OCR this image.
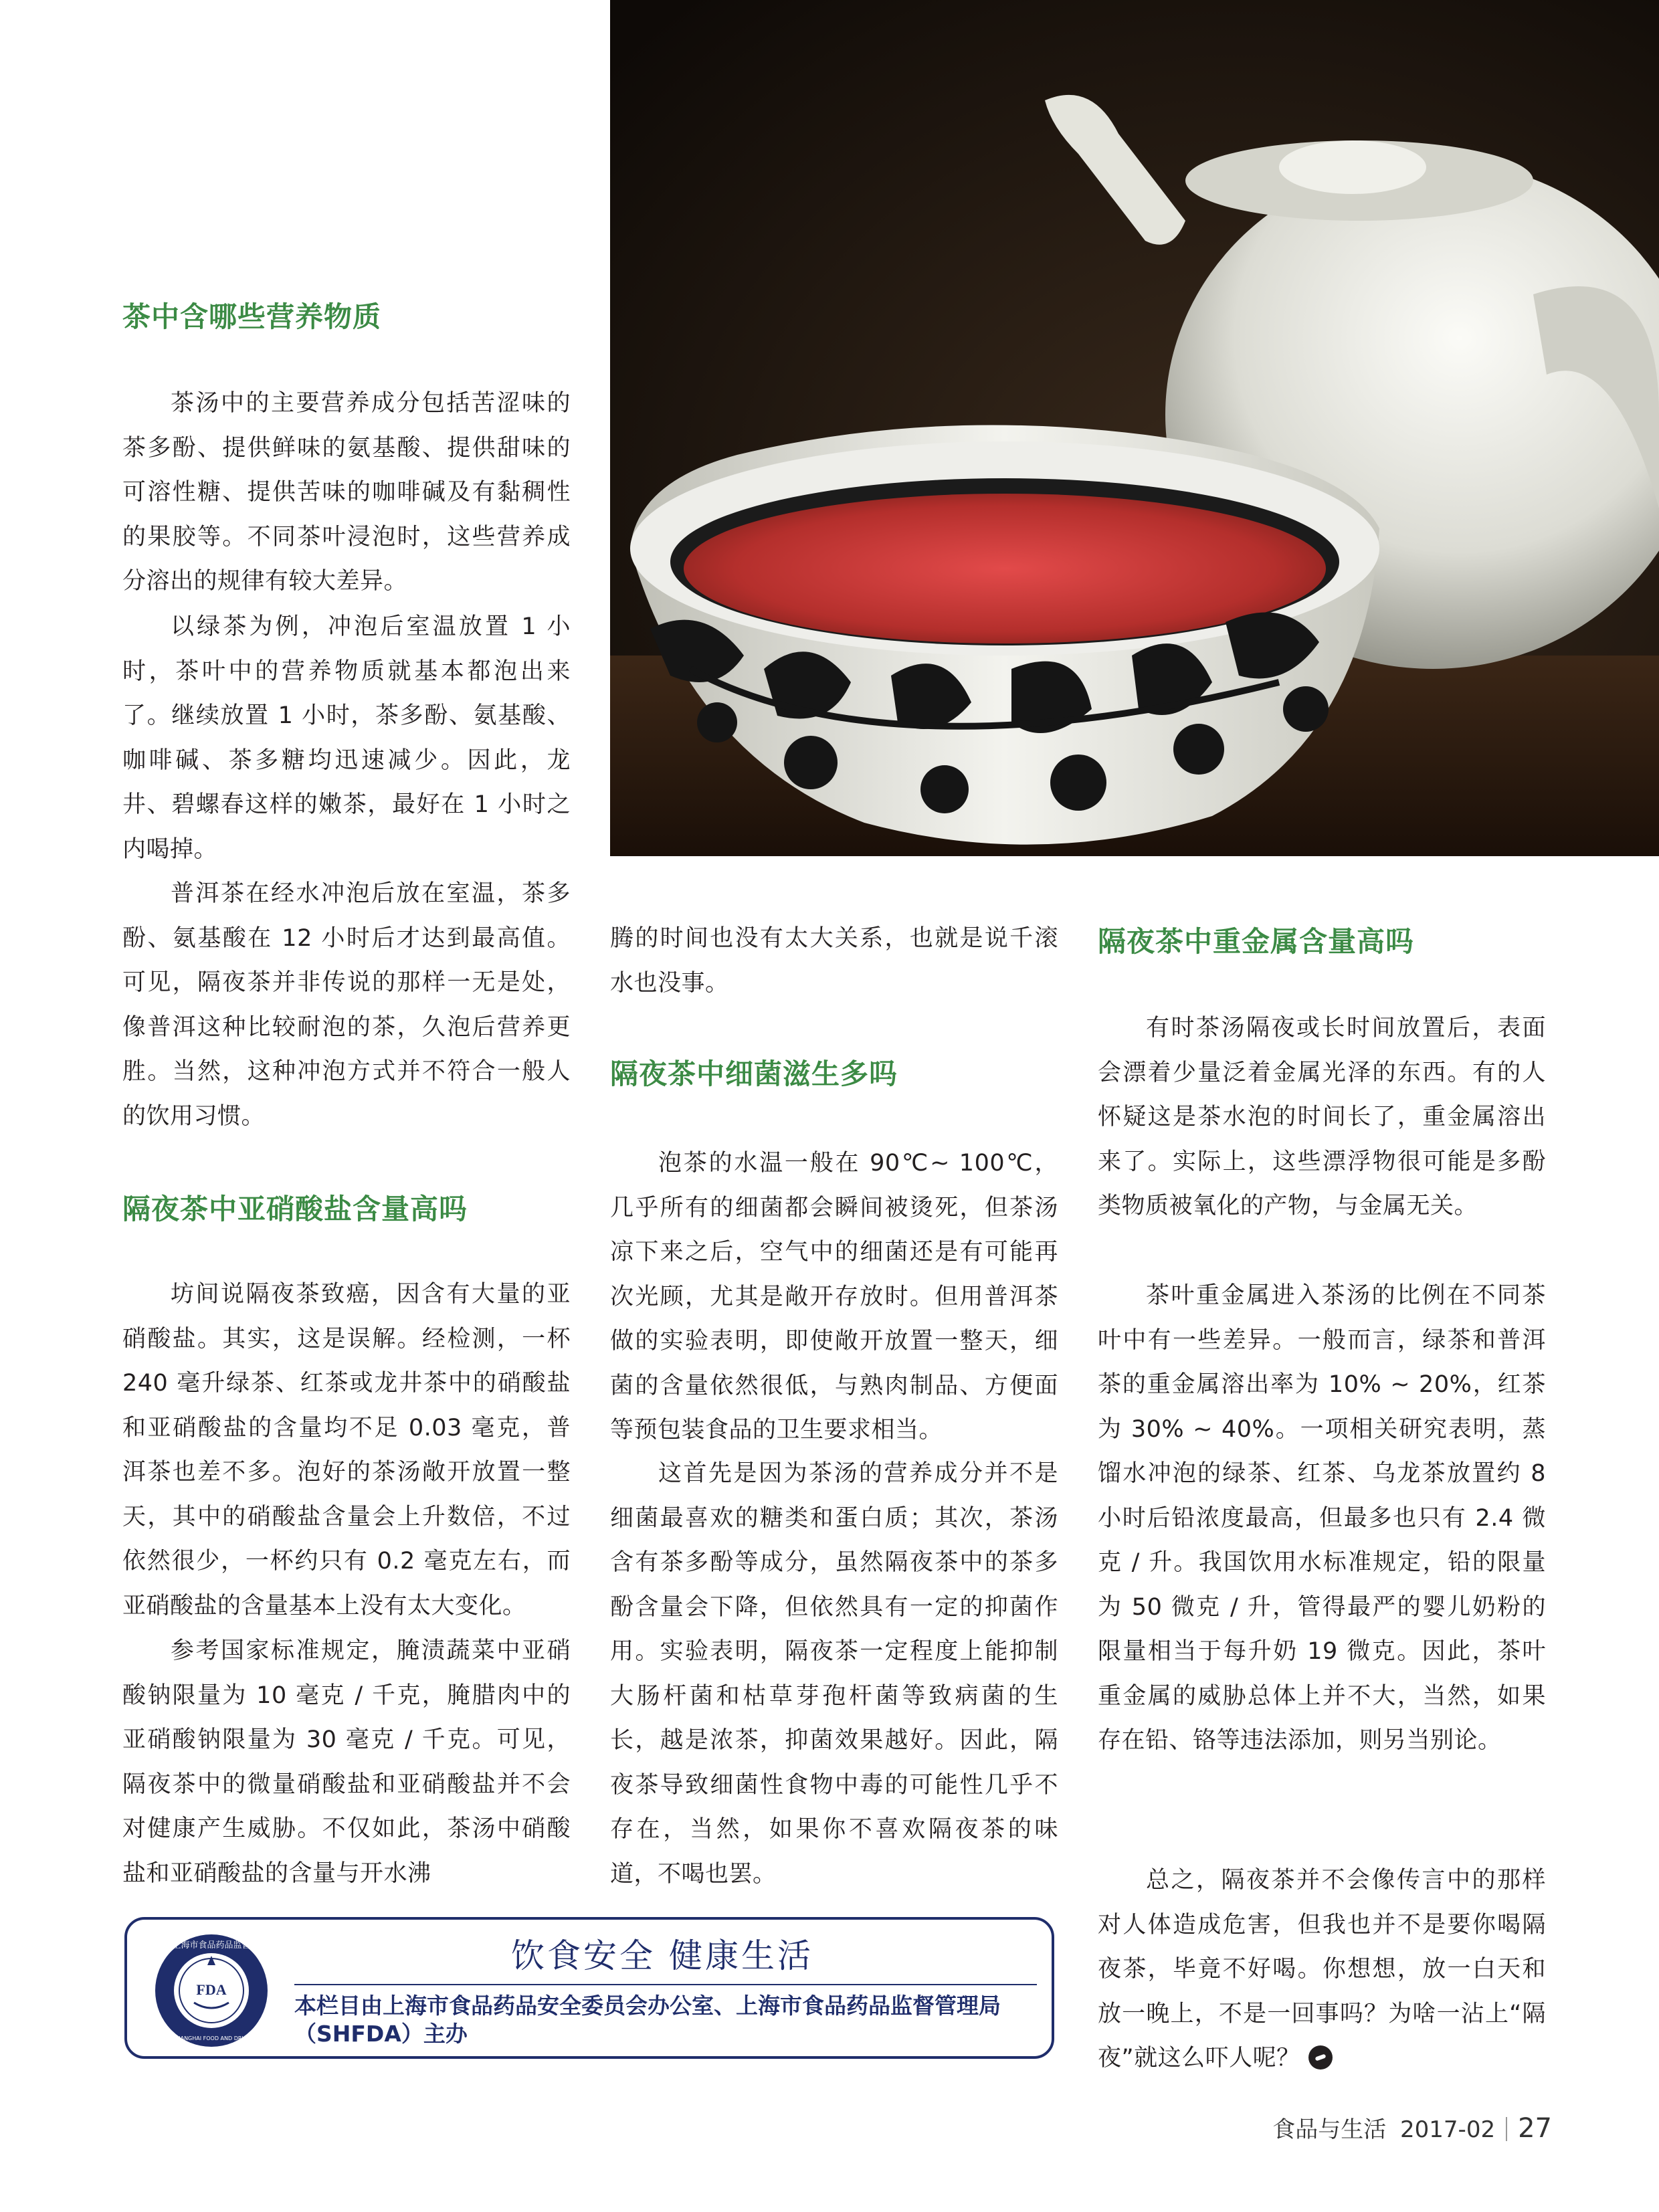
茶中含哪些营养物质
茶汤中的主要营养成分包括苦涩味的茶多酚、提供鲜味的氨基酸、提供甜味的可溶性糖、提供苦味的咖啡碱及有黏稠性的果胶等。不同茶叶浸泡时，这些营养成分溶出的规律有较大差异。
以绿茶为例，冲泡后室温放置 1 小时，茶叶中的营养物质就基本都泡出来了。继续放置 1 小时，茶多酚、氨基酸、咖啡碱、茶多糖均迅速减少。因此，龙井、碧螺春这样的嫩茶，最好在 1 小时之内喝掉。
普洱茶在经水冲泡后放在室温，茶多酚、氨基酸在 12 小时后才达到最高值。可见，隔夜茶并非传说的那样一无是处，像普洱这种比较耐泡的茶，久泡后营养更胜。当然，这种冲泡方式并不符合一般人的饮用习惯。
隔夜茶中亚硝酸盐含量高吗
坊间说隔夜茶致癌，因含有大量的亚硝酸盐。其实，这是误解。经检测，一杯 240 毫升绿茶、红茶或龙井茶中的硝酸盐和亚硝酸盐的含量均不足 0.03 毫克，普洱茶也差不多。泡好的茶汤敞开放置一整天，其中的硝酸盐含量会上升数倍，不过依然很少，一杯约只有 0.2 毫克左右，而亚硝酸盐的含量基本上没有太大变化。
参考国家标准规定，腌渍蔬菜中亚硝酸钠限量为 10 毫克 / 千克，腌腊肉中的亚硝酸钠限量为 30 毫克 / 千克。可见，隔夜茶中的微量硝酸盐和亚硝酸盐并不会对健康产生威胁。不仅如此，茶汤中硝酸盐和亚硝酸盐的含量与开水沸
腾的时间也没有太大关系，也就是说千滚水也没事。
隔夜茶中细菌滋生多吗
泡茶的水温一般在 90℃~ 100℃，几乎所有的细菌都会瞬间被烫死，但茶汤凉下来之后，空气中的细菌还是有可能再次光顾，尤其是敞开存放时。但用普洱茶做的实验表明，即使敞开放置一整天，细菌的含量依然很低，与熟肉制品、方便面等预包装食品的卫生要求相当。
这首先是因为茶汤的营养成分并不是细菌最喜欢的糖类和蛋白质；其次，茶汤含有茶多酚等成分，虽然隔夜茶中的茶多酚含量会下降，但依然具有一定的抑菌作用。实验表明，隔夜茶一定程度上能抑制大肠杆菌和枯草芽孢杆菌等致病菌的生长，越是浓茶，抑菌效果越好。因此，隔夜茶导致细菌性食物中毒的可能性几乎不存在，当然，如果你不喜欢隔夜茶的味道，不喝也罢。
隔夜茶中重金属含量高吗
有时茶汤隔夜或长时间放置后，表面会漂着少量泛着金属光泽的东西。有的人怀疑这是茶水泡的时间长了，重金属溶出来了。实际上，这些漂浮物很可能是多酚类物质被氧化的产物，与金属无关。
茶叶重金属进入茶汤的比例在不同茶叶中有一些差异。一般而言，绿茶和普洱茶的重金属溶出率为 10% ~ 20%，红茶为 30% ~ 40%。一项相关研究表明，蒸馏水冲泡的绿茶、红茶、乌龙茶放置约 8 小时后铅浓度最高，但最多也只有 2.4 微克 / 升。我国饮用水标准规定，铅的限量为 50 微克 / 升，管得最严的婴儿奶粉的限量相当于每升奶 19 微克。因此，茶叶重金属的威胁总体上并不大，当然，如果存在铅、铬等违法添加，则另当别论。
总之，隔夜茶并不会像传言中的那样对人体造成危害，但我也并不是要你喝隔夜茶，毕竟不好喝。你想想，放一白天和放一晚上，不是一回事吗？为啥一沾上“隔夜”就这么吓人呢？
FDA
上海市食品药品监督
SHANGHAI FOOD AND DRUG
饮食安全 健康生活
本栏目由上海市食品药品安全委员会办公室、上海市食品药品监督管理局（SHFDA）主办
食品与生活 2017-02 27
